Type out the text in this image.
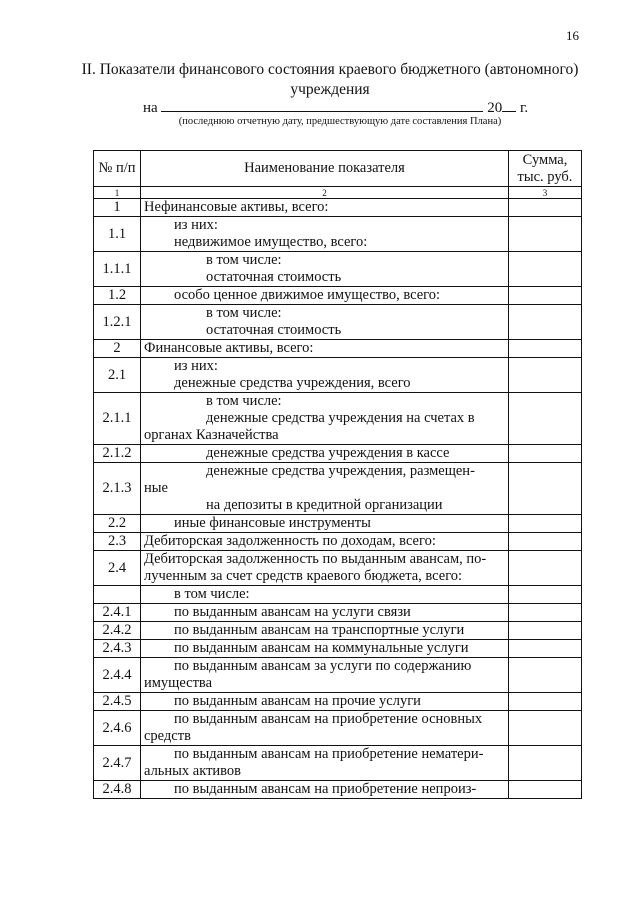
16
II. Показатели финансового состояния краевого бюджетного (автономного)
учреждения
на	20 г.
(последнюю отчетную дату, предшествующую дате составления Плана)
№ п/п	Наименование показателя	Сумма, тыс. руб.
1	2	3
1	Нефинансовые активы, всего:	

1.1	из них:
недвижимое имущество, всего:	

1.1.1	в том числе:
остаточная стоимость	

1.2	особо ценное движимое имущество, всего:	

1.2.1	в том числе:
остаточная стоимость	

2	Финансовые активы, всего:	

2.1	из них:
денежные средства учреждения, всего	

2.1.1	в том числе:
денежные средства учреждения на счетах в
органах Казначейства	

2.1.2	денежные средства учреждения в кассе	

2.1.3	денежные средства учреждения, размещен-
ные
на депозиты в кредитной организации	

2.2	иные финансовые инструменты	

2.3	Дебиторская задолженность по доходам, всего:	

2.4	Дебиторская задолженность по выданным авансам, по-
лученным за счет средств краевого бюджета, всего:	

	в том числе:	

2.4.1	по выданным авансам на услуги связи	

2.4.2	по выданным авансам на транспортные услуги	

2.4.3	по выданным авансам на коммунальные услуги	

2.4.4	по выданным авансам за услуги по содержанию
имущества	

2.4.5	по выданным авансам на прочие услуги	

2.4.6	по выданным авансам на приобретение основных
средств	

2.4.7	по выданным авансам на приобретение нематери-
альных активов	

2.4.8	по выданным авансам на приобретение непроиз-	
